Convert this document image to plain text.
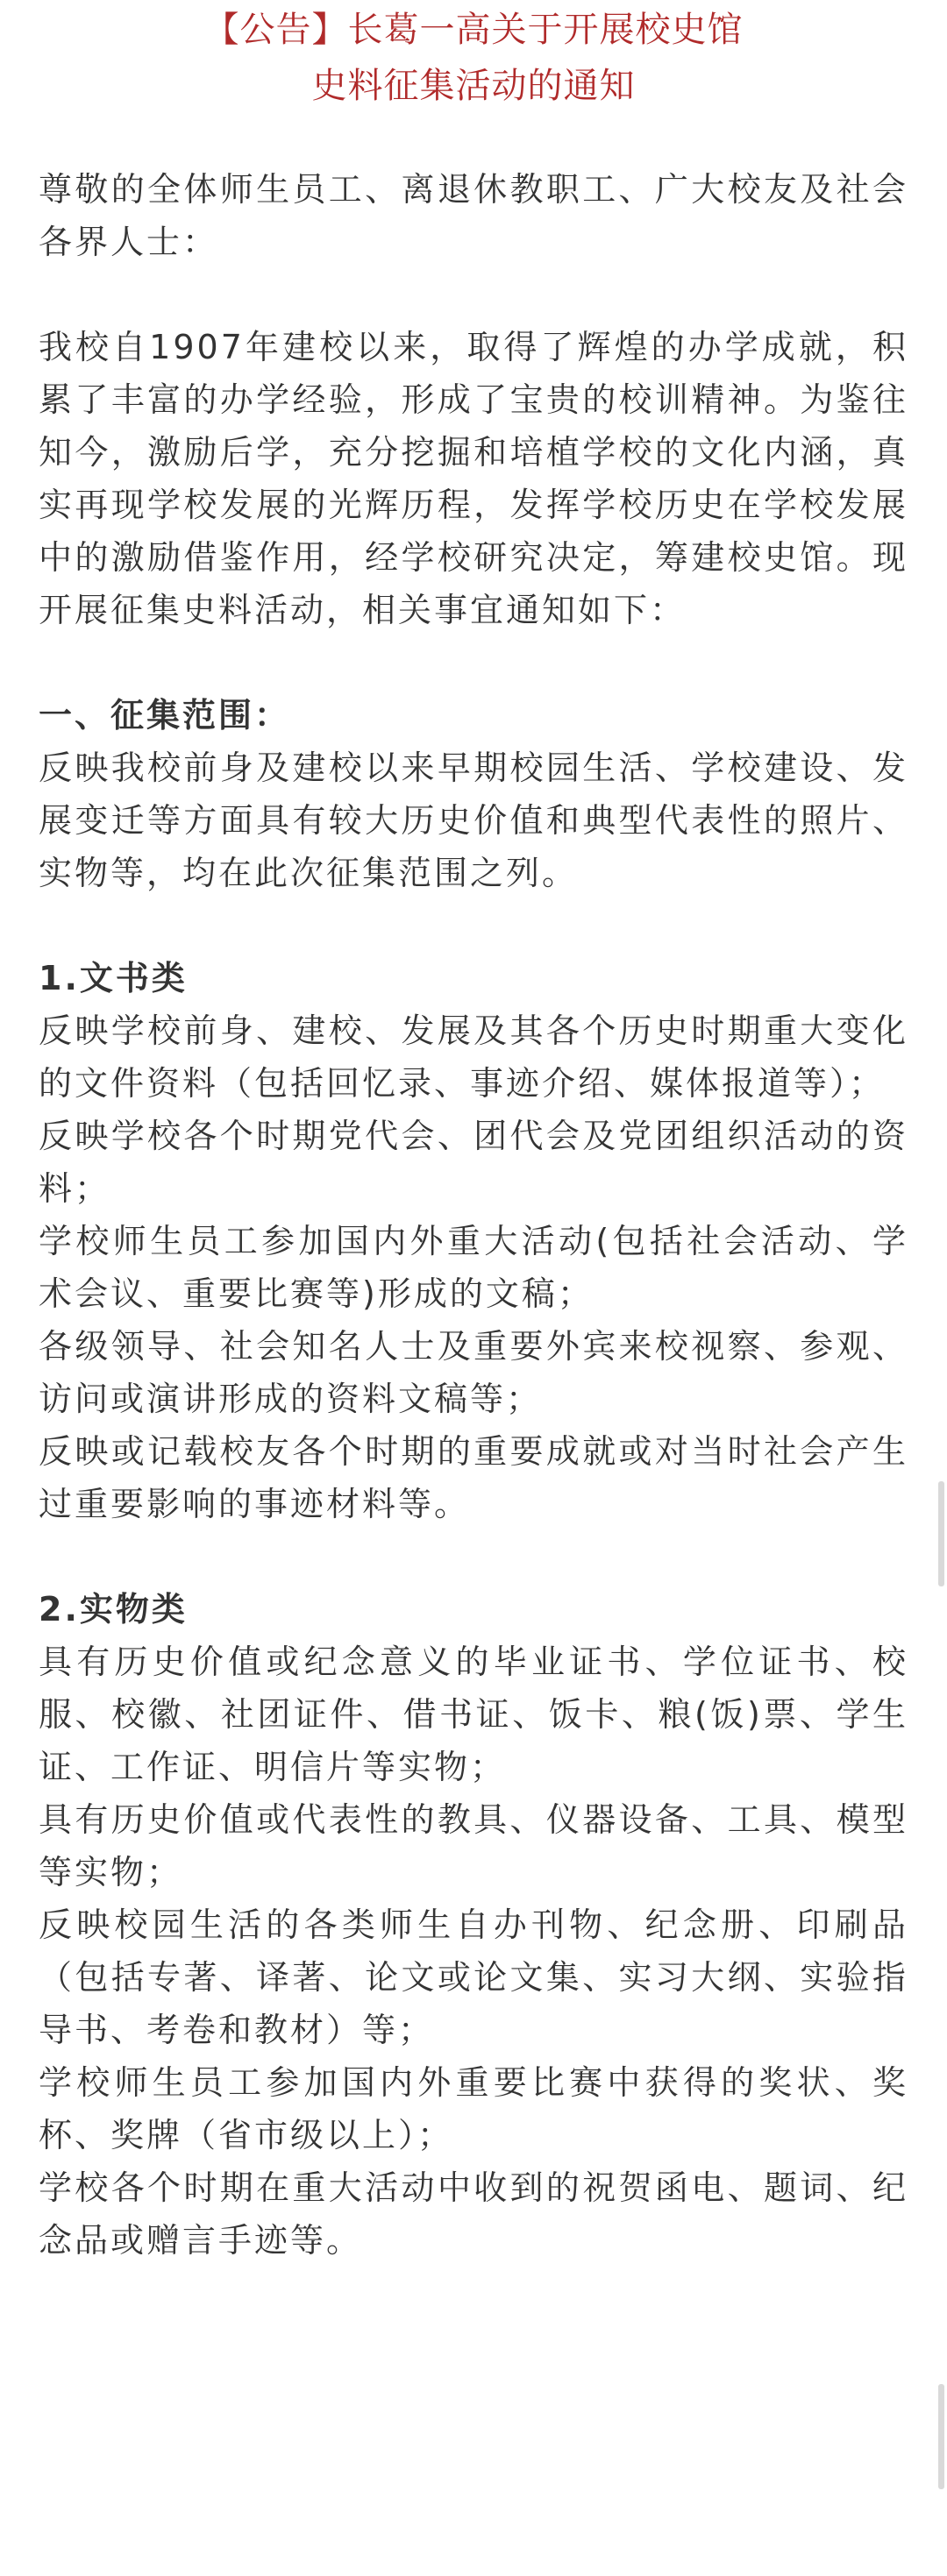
【公告】长葛一高关于开展校史馆
史料征集活动的通知

尊敬的全体师生员工、离退休教职工、广大校友及社会各界人士：

我校自1907年建校以来，取得了辉煌的办学成就，积累了丰富的办学经验，形成了宝贵的校训精神。为鉴往知今，激励后学，充分挖掘和培植学校的文化内涵，真实再现学校发展的光辉历程，发挥学校历史在学校发展中的激励借鉴作用，经学校研究决定，筹建校史馆。现开展征集史料活动，相关事宜通知如下：

一、征集范围：

反映我校前身及建校以来早期校园生活、学校建设、发展变迁等方面具有较大历史价值和典型代表性的照片、实物等，均在此次征集范围之列。

1.文书类

反映学校前身、建校、发展及其各个历史时期重大变化的文件资料（包括回忆录、事迹介绍、媒体报道等）；

反映学校各个时期党代会、团代会及党团组织活动的资料；

学校师生员工参加国内外重大活动(包括社会活动、学术会议、重要比赛等)形成的文稿；

各级领导、社会知名人士及重要外宾来校视察、参观、访问或演讲形成的资料文稿等；

反映或记载校友各个时期的重要成就或对当时社会产生过重要影响的事迹材料等。

2.实物类

具有历史价值或纪念意义的毕业证书、学位证书、校服、校徽、社团证件、借书证、饭卡、粮(饭)票、学生证、工作证、明信片等实物；

具有历史价值或代表性的教具、仪器设备、工具、模型等实物；

反映校园生活的各类师生自办刊物、纪念册、印刷品（包括专著、译著、论文或论文集、实习大纲、实验指导书、考卷和教材）等；

学校师生员工参加国内外重要比赛中获得的奖状、奖杯、奖牌（省市级以上）；

学校各个时期在重大活动中收到的祝贺函电、题词、纪念品或赠言手迹等。
